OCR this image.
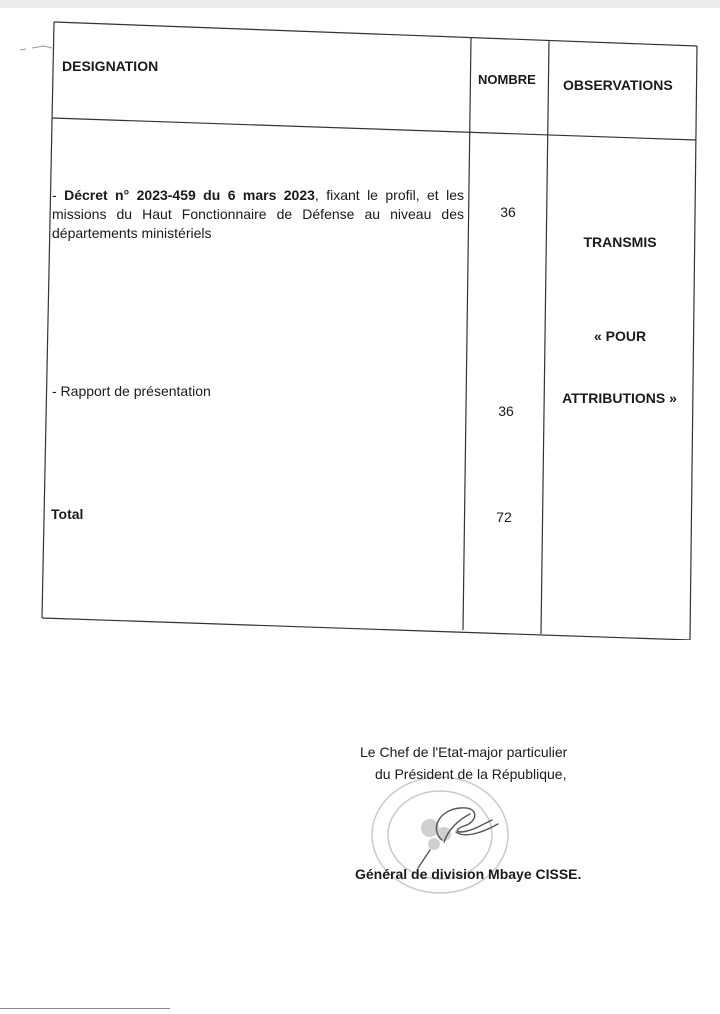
DESIGNATION
NOMBRE OBSERVATIONS
- Décret n° 2023-459 du 6 mars 2023, fixant le profil, et les missions du Haut Fonctionnaire de Défense au niveau des départements ministériels
36
- Rapport de présentation
36
Total	72
TRANSMIS
« POUR
ATTRIBUTIONS »
Le Chef de l'Etat-major particulier
du Président de la République,
Général de division Mbaye CISSE.
